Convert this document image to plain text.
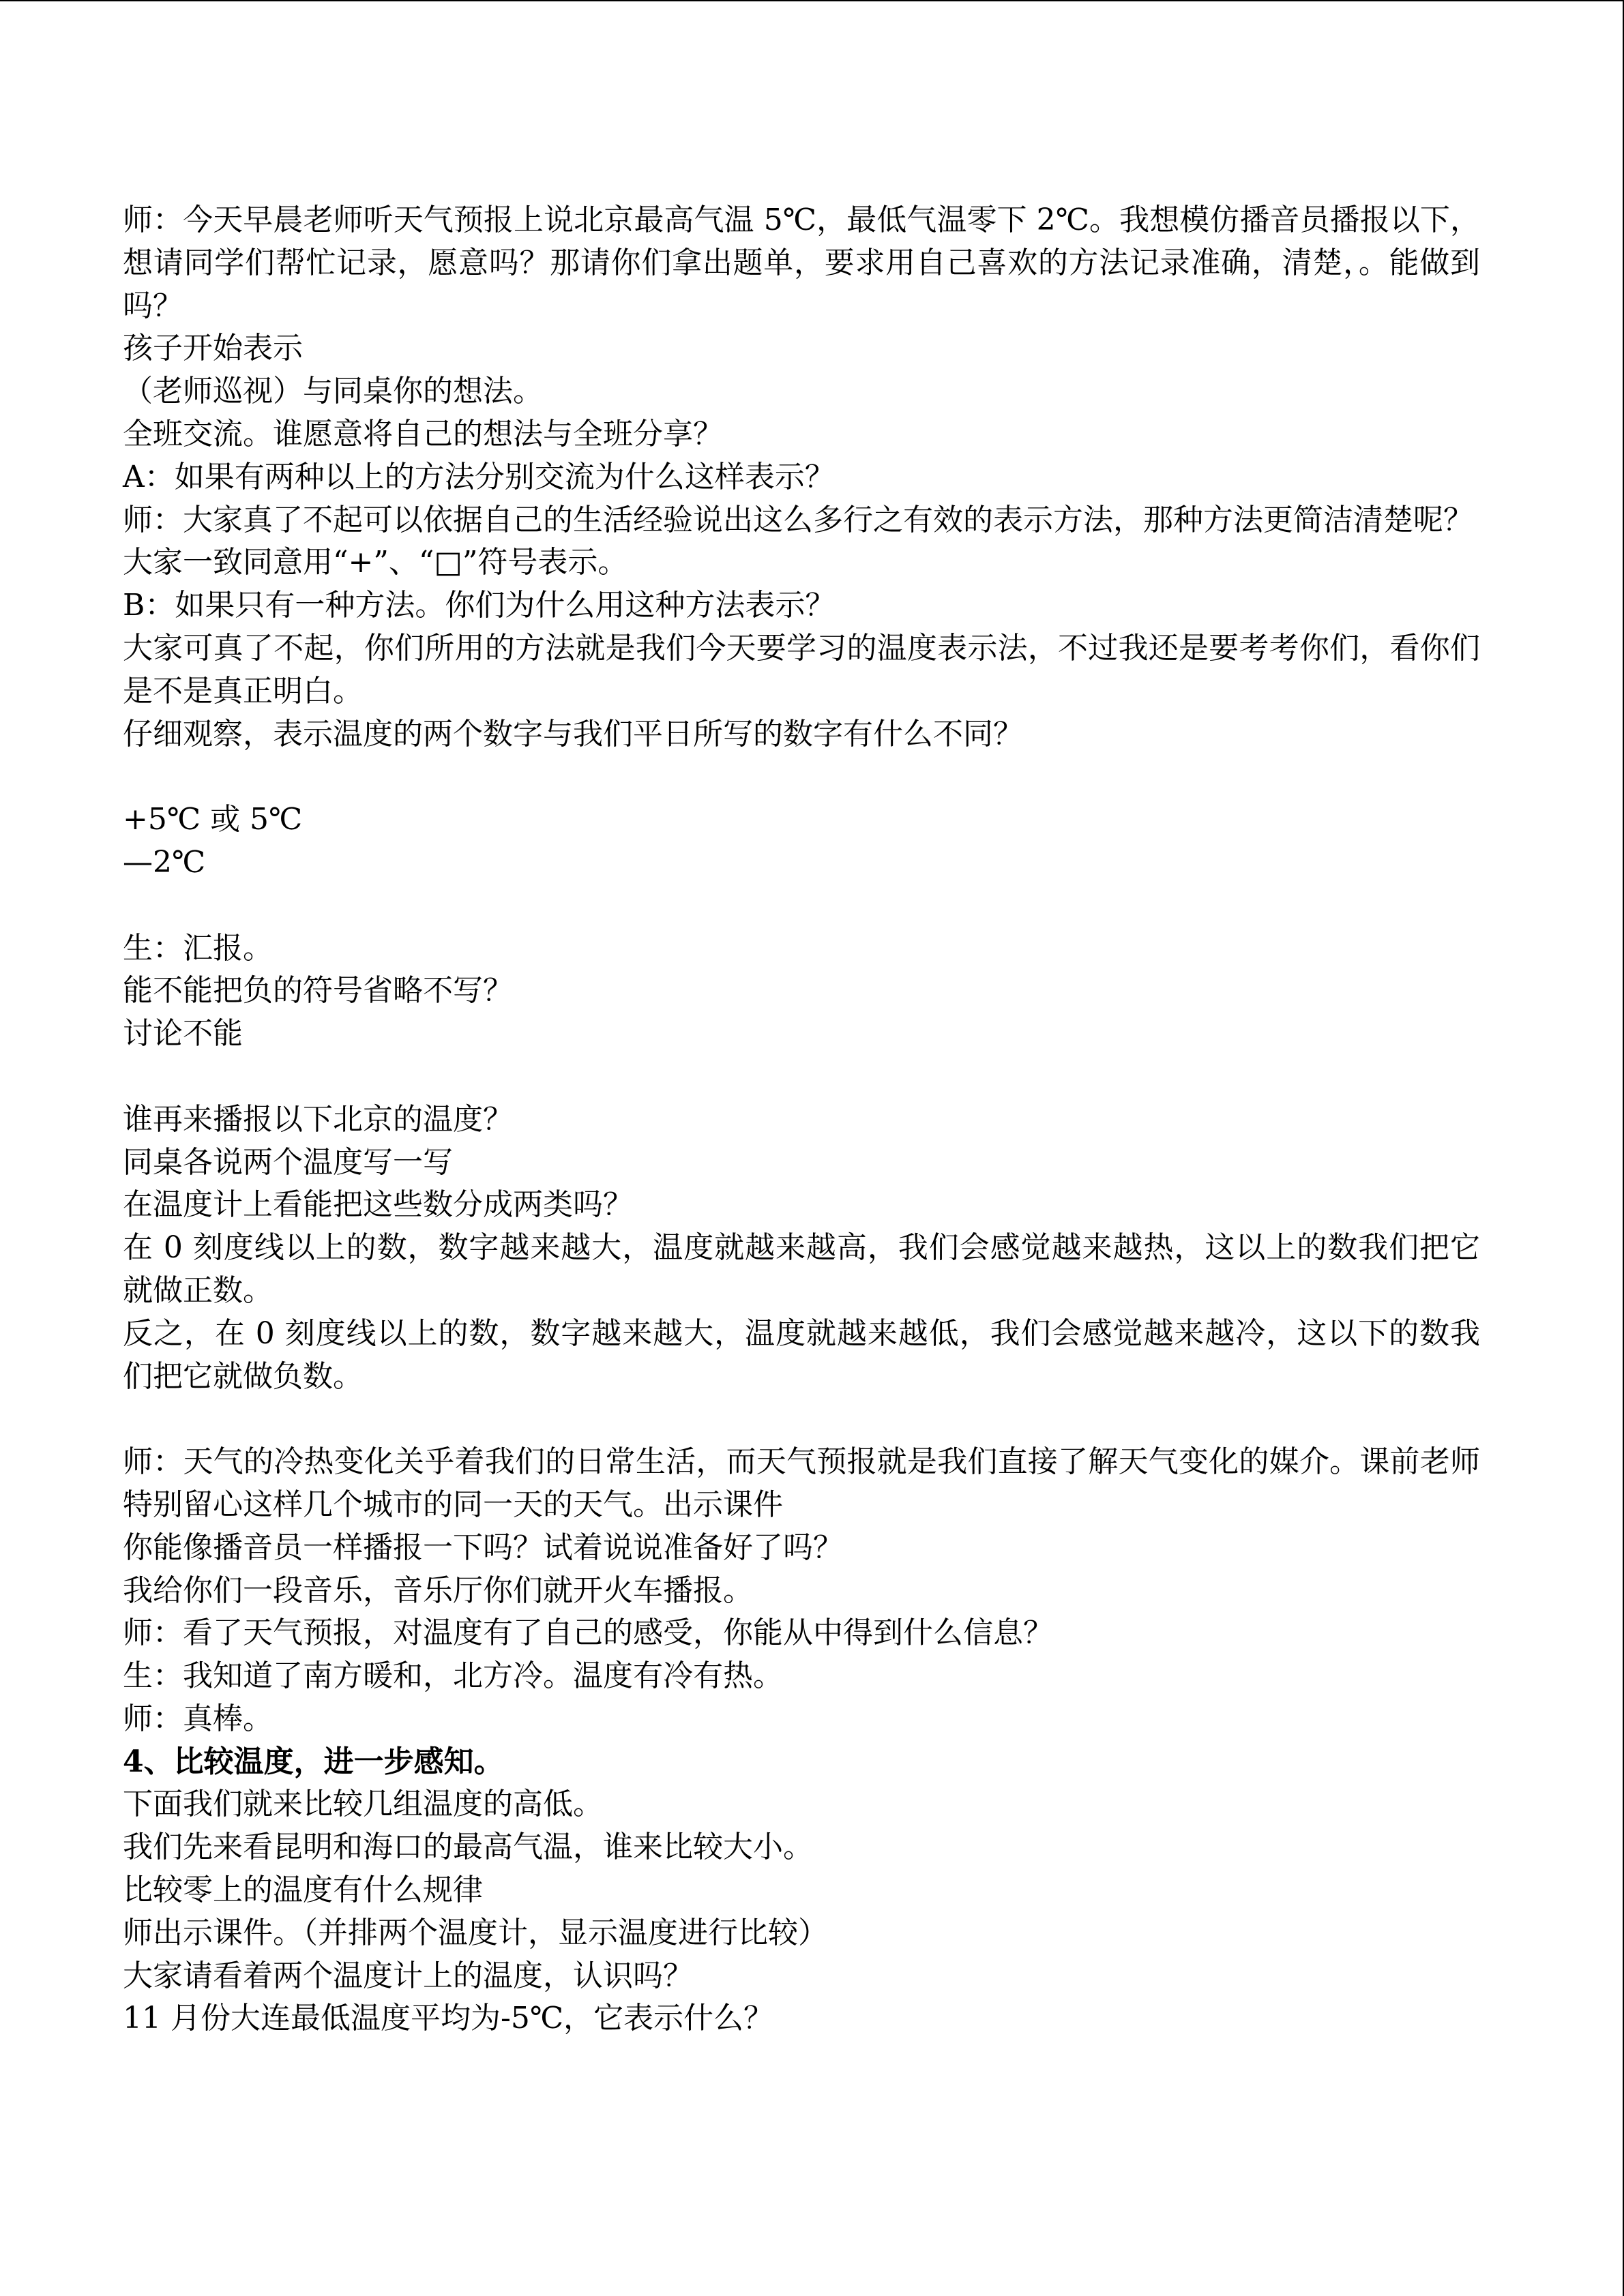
师：今天早晨老师听天气预报上说北京最高气温 5℃，最低气温零下 2℃。我想模仿播音员播报以下，想请同学们帮忙记录，愿意吗？那请你们拿出题单，要求用自己喜欢的方法记录准确，清楚，。能做到吗？

孩子开始表示

（老师巡视）与同桌你的想法。

全班交流。谁愿意将自己的想法与全班分享？

A：如果有两种以上的方法分别交流为什么这样表示？

师：大家真了不起可以依据自己的生活经验说出这么多行之有效的表示方法，那种方法更简洁清楚呢？

大家一致同意用“+”、“□”符号表示。

B：如果只有一种方法。你们为什么用这种方法表示？

大家可真了不起，你们所用的方法就是我们今天要学习的温度表示法，不过我还是要考考你们，看你们是不是真正明白。

仔细观察，表示温度的两个数字与我们平日所写的数字有什么不同？

+5℃ 或 5℃

—2℃

生：汇报。

能不能把负的符号省略不写？

讨论不能

谁再来播报以下北京的温度？

同桌各说两个温度写一写

在温度计上看能把这些数分成两类吗？

在 0 刻度线以上的数，数字越来越大，温度就越来越高，我们会感觉越来越热，这以上的数我们把它就做正数。

反之，在 0 刻度线以上的数，数字越来越大，温度就越来越低，我们会感觉越来越冷，这以下的数我们把它就做负数。

师：天气的冷热变化关乎着我们的日常生活，而天气预报就是我们直接了解天气变化的媒介。课前老师特别留心这样几个城市的同一天的天气。出示课件

你能像播音员一样播报一下吗？试着说说准备好了吗？

我给你们一段音乐，音乐厅你们就开火车播报。

师：看了天气预报，对温度有了自己的感受，你能从中得到什么信息？

生：我知道了南方暖和，北方冷。温度有冷有热。

师：真棒。

4、比较温度，进一步感知。

下面我们就来比较几组温度的高低。

我们先来看昆明和海口的最高气温，谁来比较大小。

比较零上的温度有什么规律

师出示课件。（并排两个温度计，显示温度进行比较）

大家请看着两个温度计上的温度，认识吗？

11 月份大连最低温度平均为-5℃，它表示什么？
